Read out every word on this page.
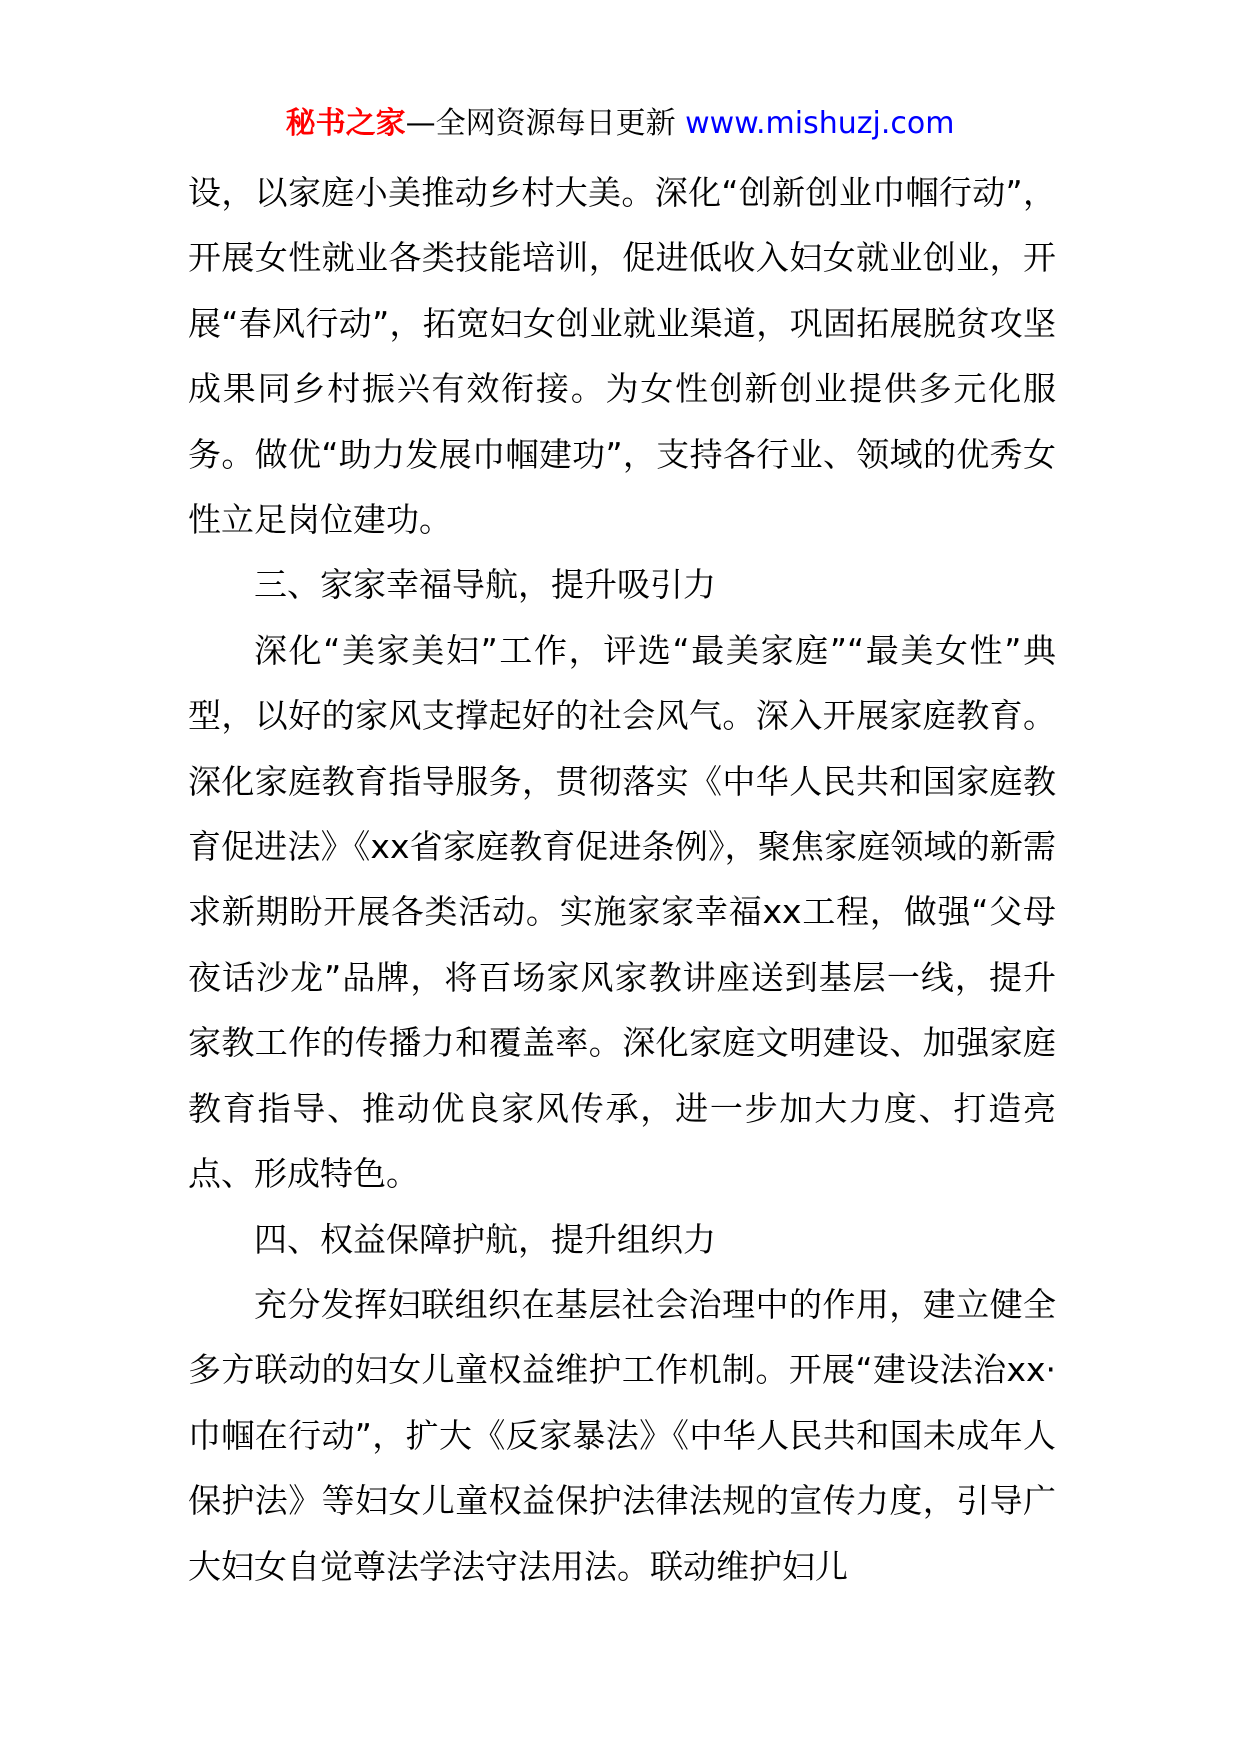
秘书之家—全网资源每日更新 www.mishuzj.com

设，以家庭小美推动乡村大美。深化“创新创业巾帼行动”，开展女性就业各类技能培训，促进低收入妇女就业创业，开展“春风行动”，拓宽妇女创业就业渠道，巩固拓展脱贫攻坚成果同乡村振兴有效衔接。为女性创新创业提供多元化服务。做优“助力发展巾帼建功”，支持各行业、领域的优秀女性立足岗位建功。

三、家家幸福导航，提升吸引力

深化“美家美妇”工作，评选“最美家庭”“最美女性”典型，以好的家风支撑起好的社会风气。深入开展家庭教育。深化家庭教育指导服务，贯彻落实《中华人民共和国家庭教育促进法》《xx省家庭教育促进条例》，聚焦家庭领域的新需求新期盼开展各类活动。实施家家幸福xx工程，做强“父母夜话沙龙”品牌，将百场家风家教讲座送到基层一线，提升家教工作的传播力和覆盖率。深化家庭文明建设、加强家庭教育指导、推动优良家风传承，进一步加大力度、打造亮点、形成特色。

四、权益保障护航，提升组织力

充分发挥妇联组织在基层社会治理中的作用，建立健全多方联动的妇女儿童权益维护工作机制。开展“建设法治xx·巾帼在行动”，扩大《反家暴法》《中华人民共和国未成年人保护法》等妇女儿童权益保护法律法规的宣传力度，引导广大妇女自觉尊法学法守法用法。联动维护妇儿
